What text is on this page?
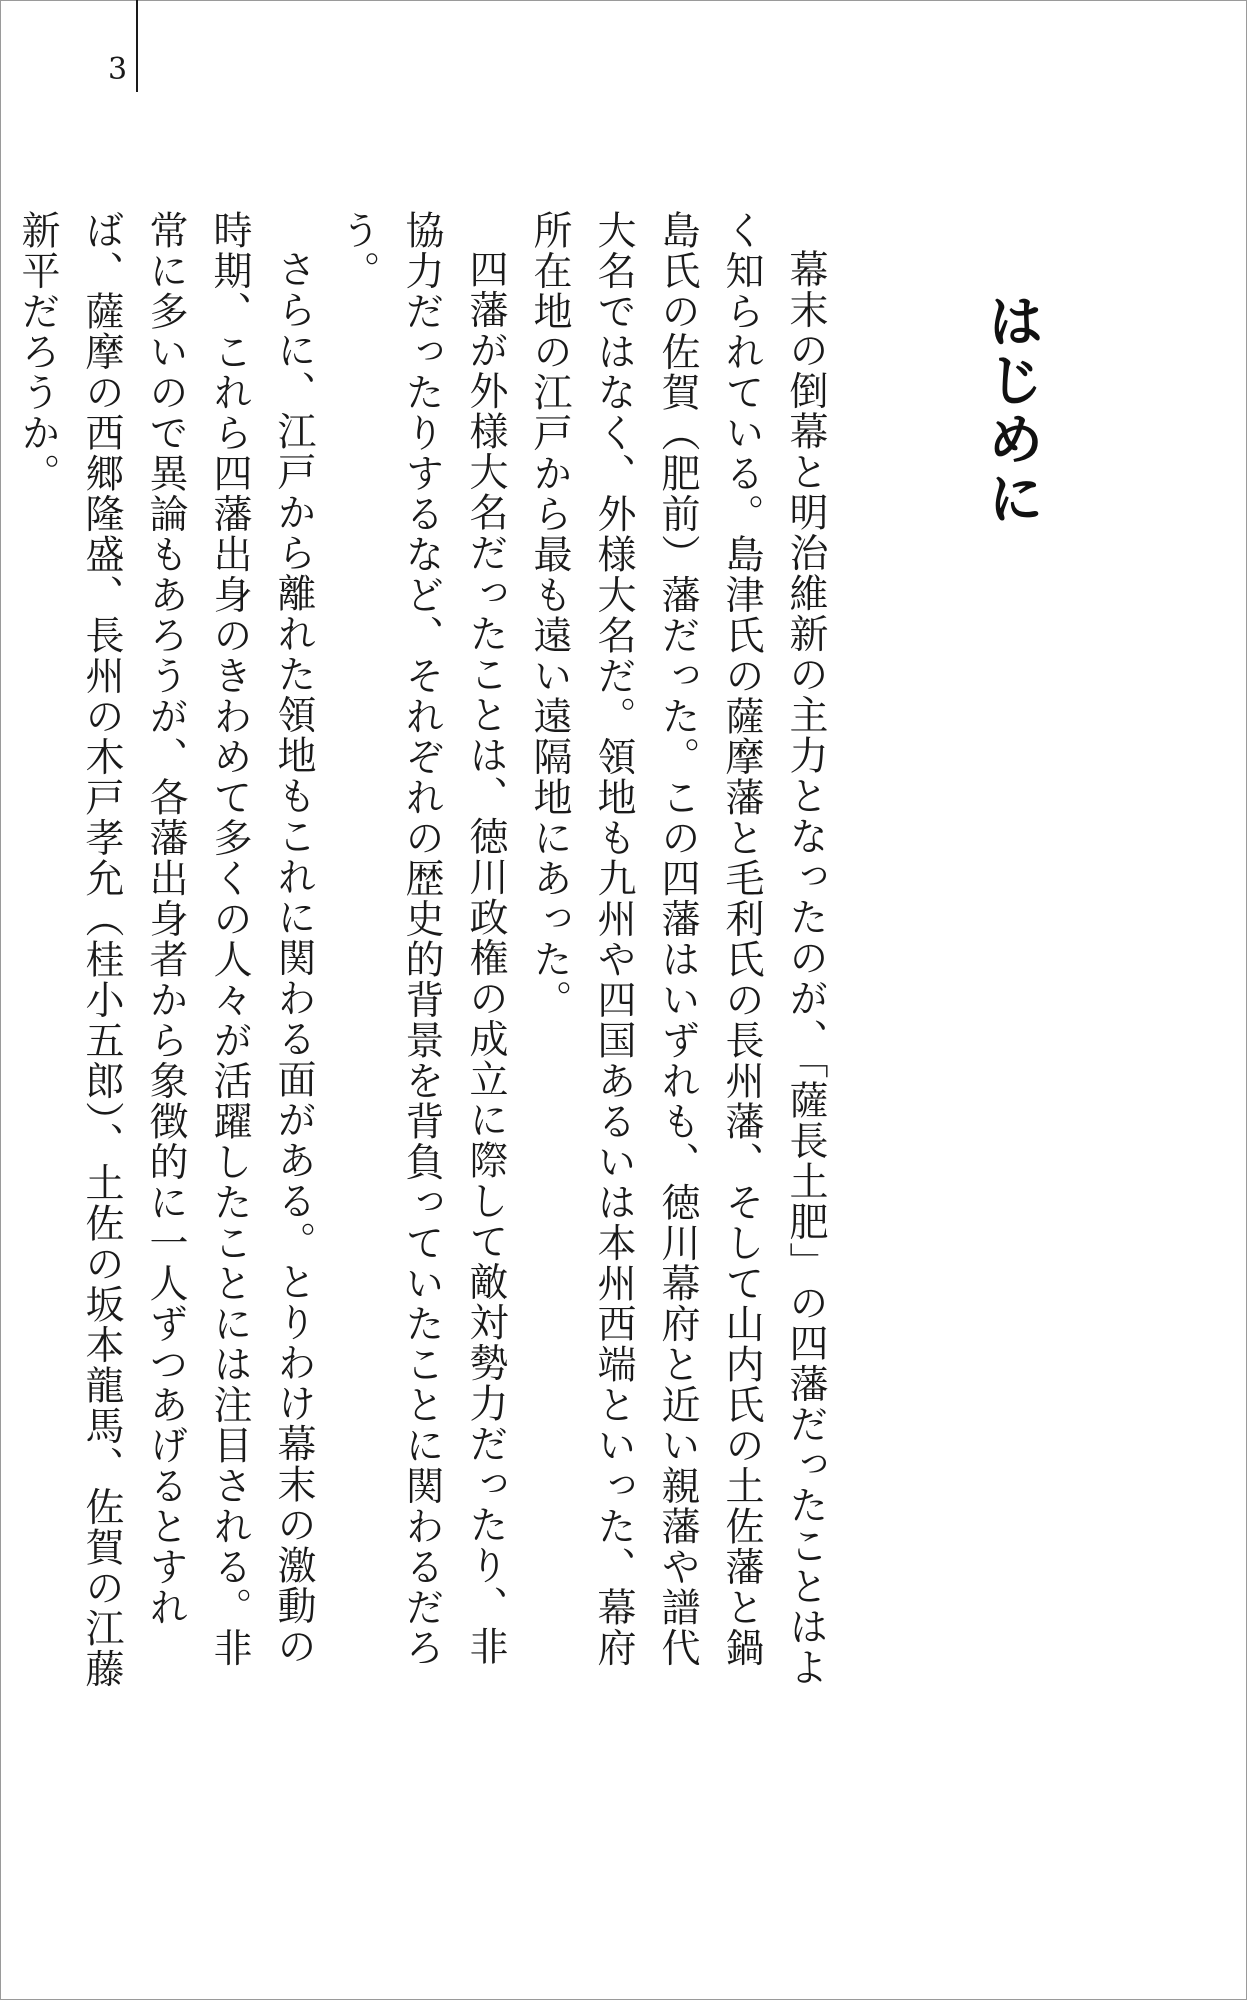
3
はじめに

幕末の倒幕と明治維新の主力となったのが、「薩長土肥」の四藩だったことはよく知られている。島津氏の薩摩藩と毛利氏の長州藩、そして山内氏の土佐藩と鍋島氏の佐賀（肥前）藩だった。この四藩はいずれも、徳川幕府と近い親藩や譜代大名ではなく、外様大名だ。領地も九州や四国あるいは本州西端といった、幕府所在地の江戸から最も遠い遠隔地にあった。

四藩が外様大名だったことは、徳川政権の成立に際して敵対勢力だったり、非協力だったりするなど、それぞれの歴史的背景を背負っていたことに関わるだろう。

さらに、江戸から離れた領地もこれに関わる面がある。とりわけ幕末の激動の時期、これら四藩出身のきわめて多くの人々が活躍したことには注目される。非常に多いので異論もあろうが、各藩出身者から象徴的に一人ずつあげるとすれば、薩摩の西郷隆盛、長州の木戸孝允（桂小五郎）、土佐の坂本龍馬、佐賀の江藤新平だろうか。
